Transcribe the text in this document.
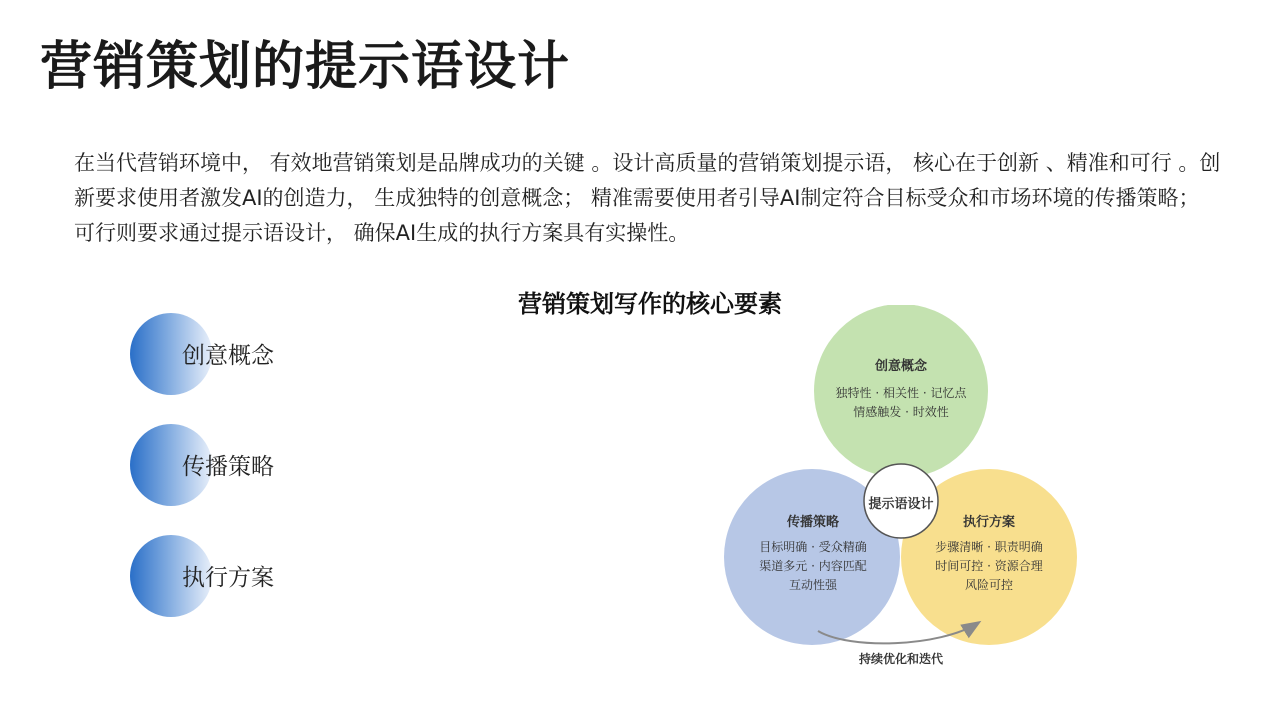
营销策划的提示语设计
在当代营销环境中， 有效地营销策划是品牌成功的关键 。设计高质量的营销策划提示语， 核心在于创新 、精准和可行 。创新要求使用者激发AI的创造力， 生成独特的创意概念； 精准需要使用者引导AI制定符合目标受众和市场环境的传播策略； 可行则要求通过提示语设计， 确保AI生成的执行方案具有实操性。
营销策划写作的核心要素
创意概念
传播策略
执行方案
提示语设计
创意概念
独特性 · 相关性 · 记忆点
情感触发 · 时效性
传播策略
目标明确 · 受众精确
渠道多元 · 内容匹配
互动性强
执行方案
步骤清晰 · 职责明确
时间可控 · 资源合理
风险可控
持续优化和迭代
